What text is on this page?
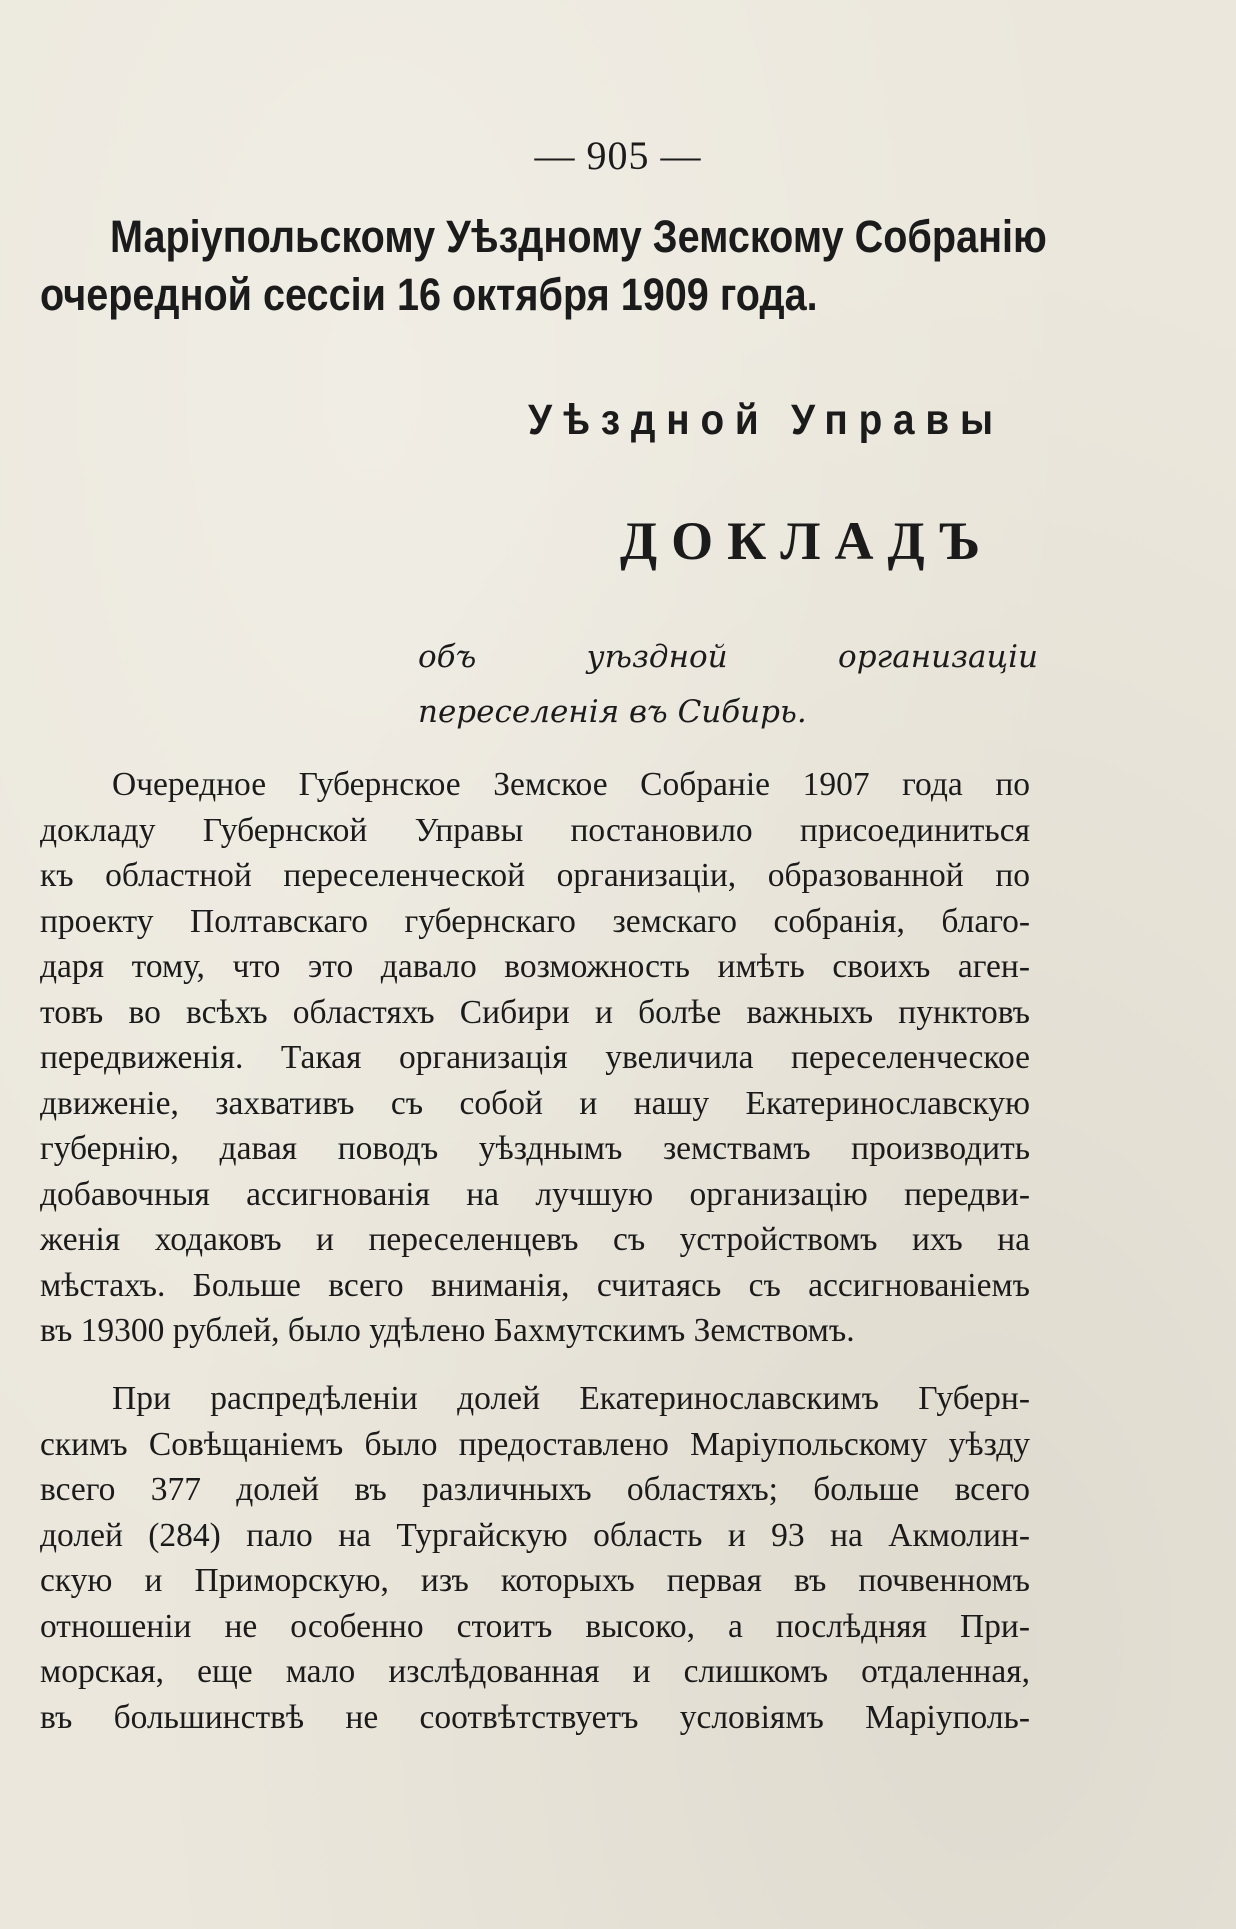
— 905 —
Маріупольскому Уѣздному Земскому Собранію
очередной сессіи 16 октября 1909 года.
Уѣздной Управы
ДОКЛАДЪ
объ уѣздной организаціи переселенія въ Сибирь.
Очередное Губернское Земское Собраніе 1907 года по
докладу Губернской Управы постановило присоединиться
къ областной переселенческой организаціи, образованной по
проекту Полтавскаго губернскаго земскаго собранія, благо-
даря тому, что это давало возможность имѣть своихъ аген-
товъ во всѣхъ областяхъ Сибири и болѣе важныхъ пунктовъ
передвиженія. Такая организація увеличила переселенческое
движеніе, захвативъ съ собой и нашу Екатеринославскую
губернію, давая поводъ уѣзднымъ земствамъ производить
добавочныя ассигнованія на лучшую организацію передви-
женія ходаковъ и переселенцевъ съ устройствомъ ихъ на
мѣстахъ. Больше всего вниманія, считаясь съ ассигнованіемъ
въ 19300 рублей, было удѣлено Бахмутскимъ Земствомъ.
При распредѣленіи долей Екатеринославскимъ Губерн-
скимъ Совѣщаніемъ было предоставлено Маріупольскому уѣзду
всего 377 долей въ различныхъ областяхъ; больше всего
долей (284) пало на Тургайскую область и 93 на Акмолин-
скую и Приморскую, изъ которыхъ первая въ почвенномъ
отношеніи не особенно стоитъ высоко, а послѣдняя При-
морская, еще мало изслѣдованная и слишкомъ отдаленная,
въ большинствѣ не соотвѣтствуетъ условіямъ Маріуполь-
